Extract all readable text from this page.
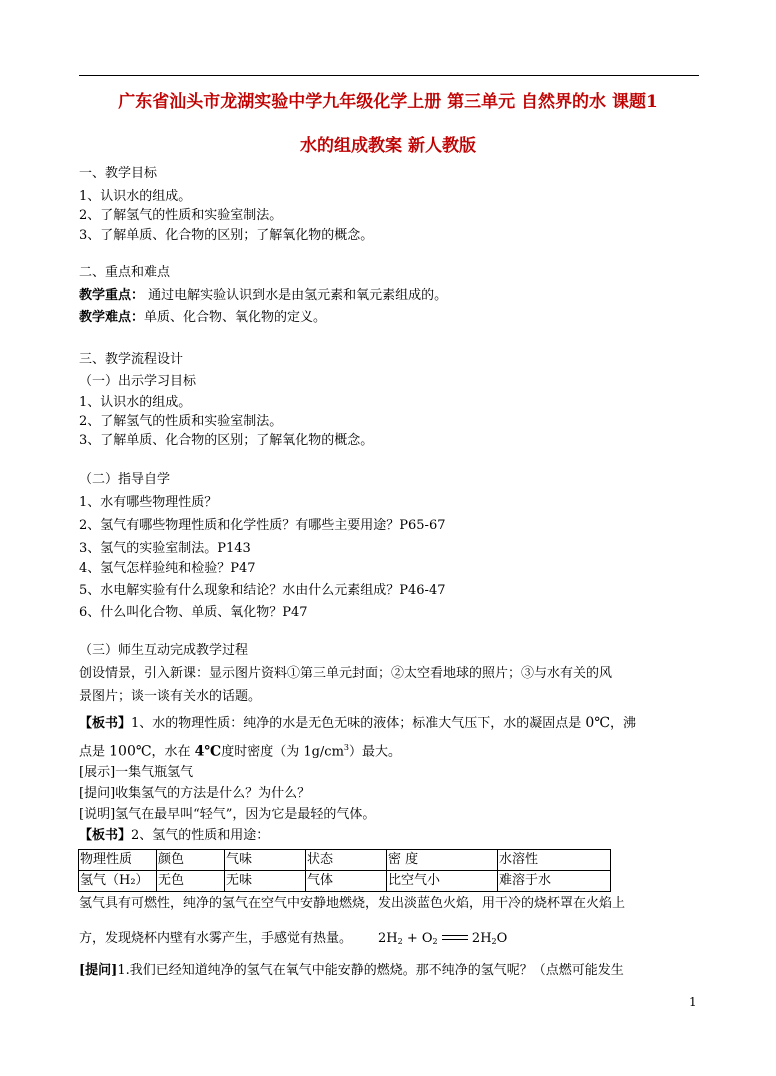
广东省汕头市龙湖实验中学九年级化学上册 第三单元 自然界的水 课题1
水的组成教案 新人教版
一、教学目标
1、认识水的组成。
2、了解氢气的性质和实验室制法。
3、了解单质、化合物的区别；了解氧化物的概念。
二、重点和难点
教学重点： 通过电解实验认识到水是由氢元素和氧元素组成的。
教学难点：单质、化合物、氧化物的定义。
三、教学流程设计
（一）出示学习目标
1、认识水的组成。
2、了解氢气的性质和实验室制法。
3、了解单质、化合物的区别；了解氧化物的概念。
（二）指导自学
1、水有哪些物理性质？
2、氢气有哪些物理性质和化学性质？有哪些主要用途？P65-67
3、氢气的实验室制法。P143
4、氢气怎样验纯和检验？P47
5、水电解实验有什么现象和结论？水由什么元素组成？P46-47
6、什么叫化合物、单质、氧化物？P47
（三）师生互动完成教学过程
创设情景，引入新课：显示图片资料①第三单元封面；②太空看地球的照片；③与水有关的风
景图片；谈一谈有关水的话题。
【板书】1、水的物理性质：纯净的水是无色无味的液体；标准大气压下，水的凝固点是 0℃，沸
点是 100℃，水在 4℃度时密度（为 $1g/cm^3$）最大。
[展示]一集气瓶氢气
[提问]收集氢气的方法是什么？为什么？
[说明]氢气在最早叫“轻气”，因为它是最轻的气体。
【板书】2、氢气的性质和用途：
物理性质	颜色	气味	状态	密 度	水溶性
氢气（H₂）	无色	无味	气体	比空气小	难溶于水
氢气具有可燃性，纯净的氢气在空气中安静地燃烧，发出淡蓝色火焰，用干冷的烧杯罩在火焰上
方，发现烧杯内壁有水雾产生，手感觉有热量。 $2H_2 + O_2$	$2H_2O$
[提问]1.我们已经知道纯净的氢气在氧气中能安静的燃烧。那不纯净的氢气呢？（点燃可能发生
1
